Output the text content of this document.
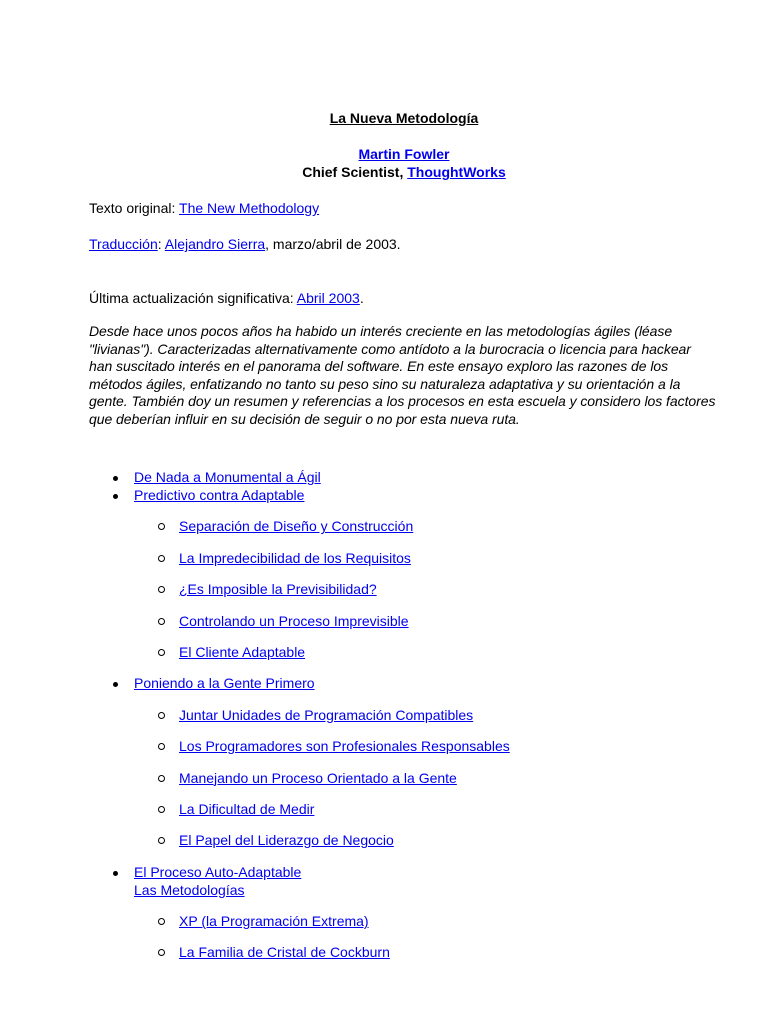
La Nueva Metodología
Martin Fowler
Chief Scientist, ThoughtWorks
Texto original: The New Methodology
Traducción: Alejandro Sierra, marzo/abril de 2003.
Última actualización significativa: Abril 2003.
Desde hace unos pocos años ha habido un interés creciente en las metodologías ágiles (léase "livianas"). Caracterizadas alternativamente como antídoto a la burocracia o licencia para hackear han suscitado interés en el panorama del software. En este ensayo exploro las razones de los métodos ágiles, enfatizando no tanto su peso sino su naturaleza adaptativa y su orientación a la gente. También doy un resumen y referencias a los procesos en esta escuela y considero los factores que deberían influir en su decisión de seguir o no por esta nueva ruta.
De Nada a Monumental a Ágil
Predictivo contra Adaptable
Separación de Diseño y Construcción
La Impredecibilidad de los Requisitos
¿Es Imposible la Previsibilidad?
Controlando un Proceso Imprevisible
El Cliente Adaptable
Poniendo a la Gente Primero
Juntar Unidades de Programación Compatibles
Los Programadores son Profesionales Responsables
Manejando un Proceso Orientado a la Gente
La Dificultad de Medir
El Papel del Liderazgo de Negocio
El Proceso Auto-Adaptable
Las Metodologías
XP (la Programación Extrema)
La Familia de Cristal de Cockburn
